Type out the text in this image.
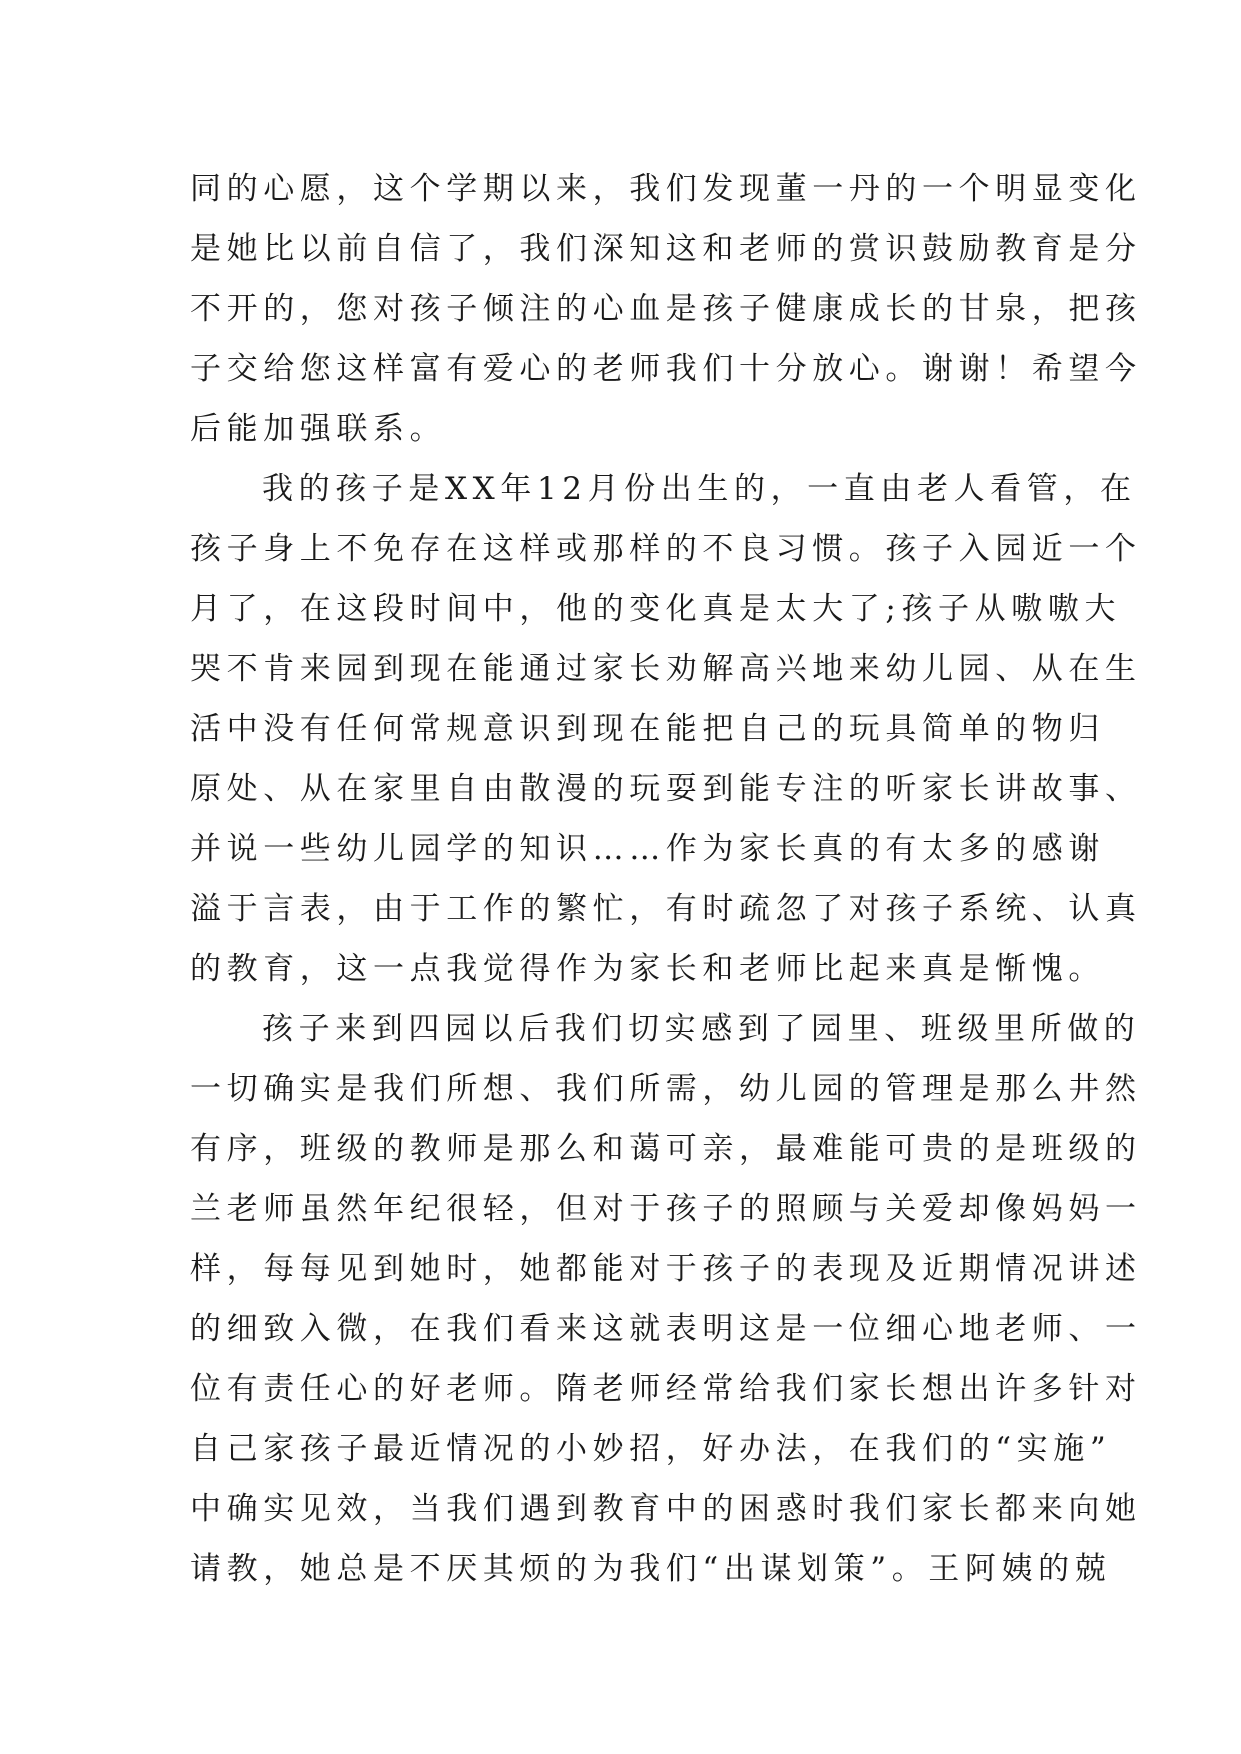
同的心愿，这个学期以来，我们发现董一丹的一个明显变化
是她比以前自信了，我们深知这和老师的赏识鼓励教育是分
不开的，您对孩子倾注的心血是孩子健康成长的甘泉，把孩
子交给您这样富有爱心的老师我们十分放心。谢谢！希望今
后能加强联系。
我的孩子是XX年12月份出生的，一直由老人看管，在
孩子身上不免存在这样或那样的不良习惯。孩子入园近一个
月了，在这段时间中，他的变化真是太大了;孩子从嗷嗷大
哭不肯来园到现在能通过家长劝解高兴地来幼儿园、从在生
活中没有任何常规意识到现在能把自己的玩具简单的物归
原处、从在家里自由散漫的玩耍到能专注的听家长讲故事、
并说一些幼儿园学的知识……作为家长真的有太多的感谢
溢于言表，由于工作的繁忙，有时疏忽了对孩子系统、认真
的教育，这一点我觉得作为家长和老师比起来真是惭愧。
孩子来到四园以后我们切实感到了园里、班级里所做的
一切确实是我们所想、我们所需，幼儿园的管理是那么井然
有序，班级的教师是那么和蔼可亲，最难能可贵的是班级的
兰老师虽然年纪很轻，但对于孩子的照顾与关爱却像妈妈一
样，每每见到她时，她都能对于孩子的表现及近期情况讲述
的细致入微，在我们看来这就表明这是一位细心地老师、一
位有责任心的好老师。隋老师经常给我们家长想出许多针对
自己家孩子最近情况的小妙招，好办法，在我们的“实施”
中确实见效，当我们遇到教育中的困惑时我们家长都来向她
请教，她总是不厌其烦的为我们“出谋划策”。王阿姨的兢
